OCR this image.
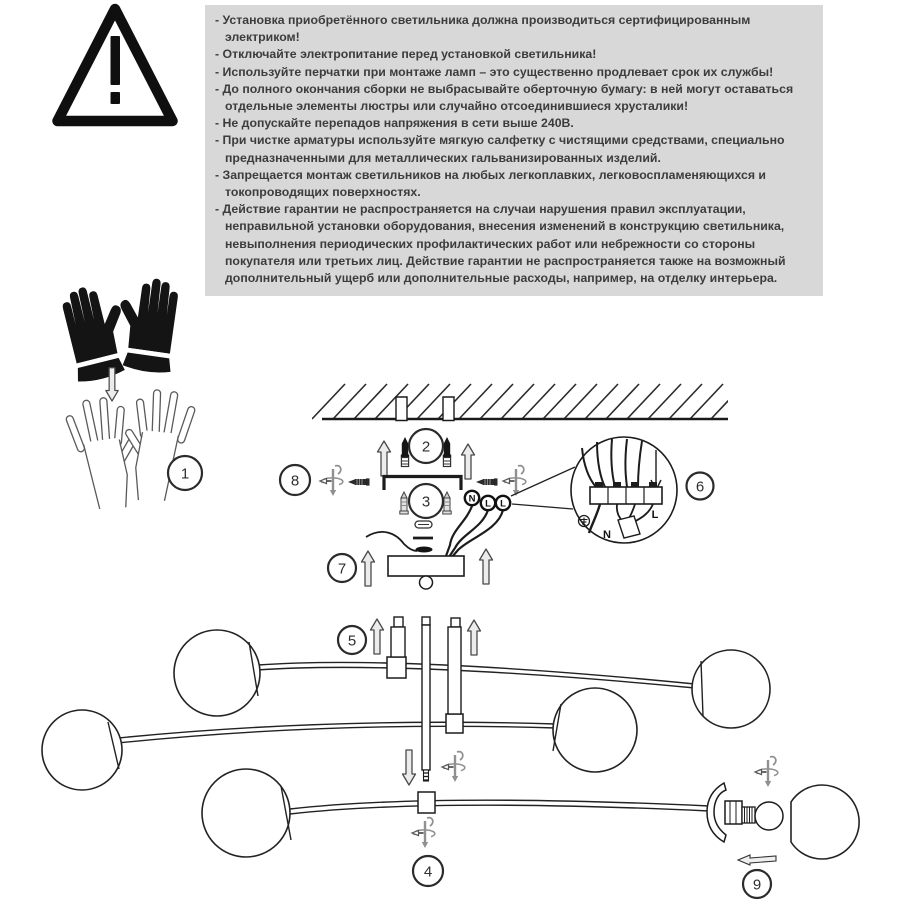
- Установка приобретённого светильника должна производиться сертифицированным электриком!
- Отключайте электропитание перед установкой светильника!
- Используйте перчатки при монтаже ламп – это существенно продлевает срок их службы!
- До полного окончания сборки не выбрасывайте оберточную бумагу: в ней могут оставаться отдельные элементы люстры или случайно отсоединившиеся хрусталики!
- Не допускайте перепадов напряжения в сети выше 240В.
- При чистке арматуры используйте мягкую салфетку с чистящими средствами, специально предназначенными для металлических гальванизированных изделий.
- Запрещается монтаж светильников на любых легкоплавких, легковоспламеняющихся и токопроводящих поверхностях.
- Действие гарантии не распространяется на случаи нарушения правил эксплуатации, неправильной установки оборудования, внесения изменений в конструкцию светильника, невыполнения периодических профилактических работ или небрежности со стороны покупателя или третьих лиц. Действие гарантии не распространяется также на возможный дополнительный ущерб или дополнительные расходы, например, на отделку интерьера.
N
L
N L L
1
2
3
4
5
6
7
8
9
